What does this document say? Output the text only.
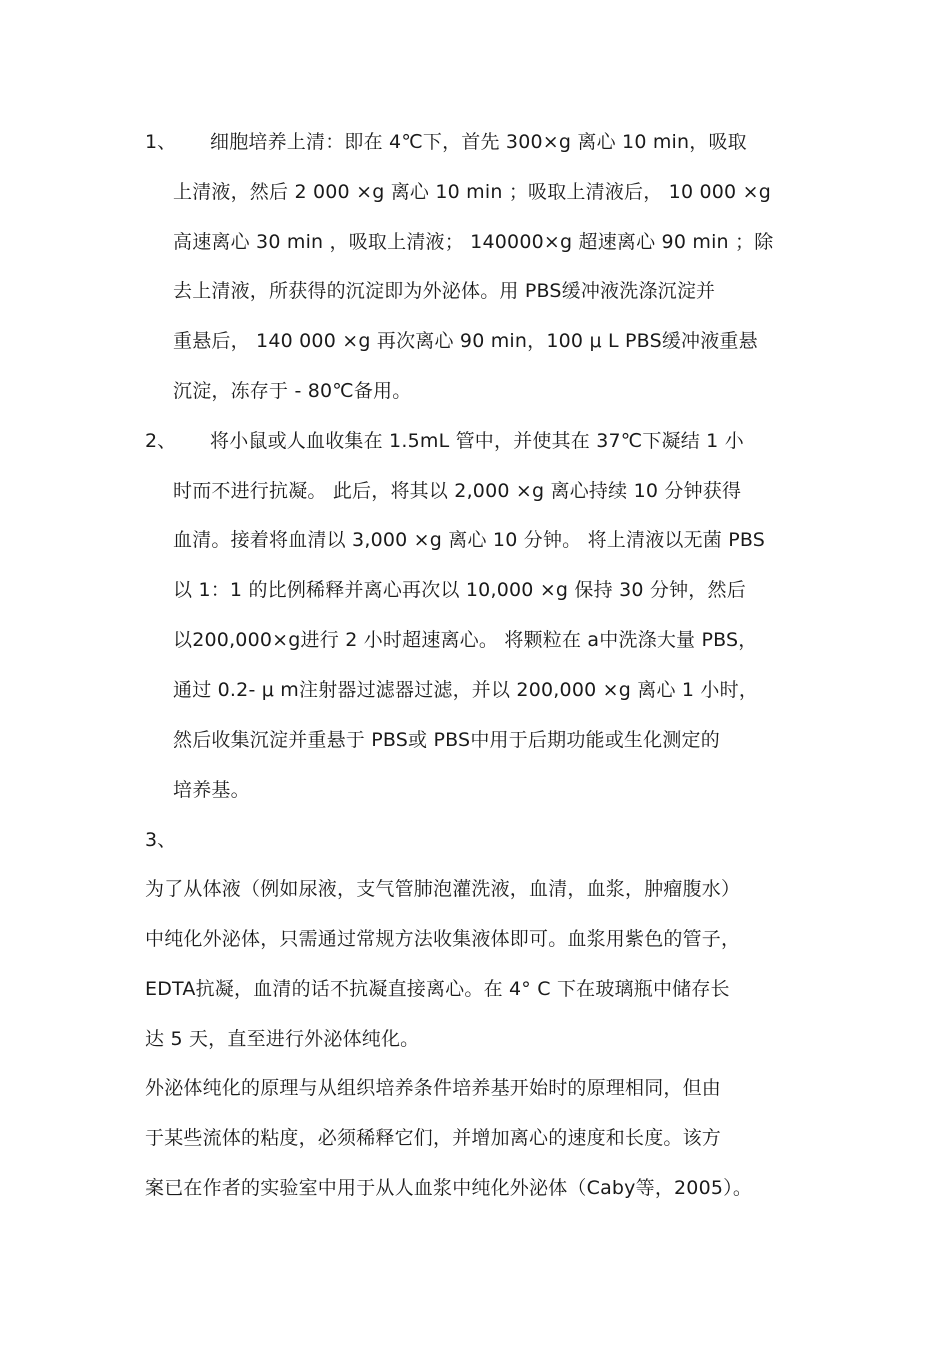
1、 细胞培养上清：即在 4℃下，首先 300×g 离心 10 min，吸取
上清液，然后 2 000 ×g 离心 10 min ；吸取上清液后， 10 000 ×g
高速离心 30 min ，吸取上清液； 140000×g 超速离心 90 min ；除
去上清液，所获得的沉淀即为外泌体。用 PBS缓冲液洗涤沉淀并
重悬后， 140 000 ×g 再次离心 90 min，100 μ L PBS缓冲液重悬
沉淀，冻存于 - 80℃备用。
2、 将小鼠或人血收集在 1.5mL 管中，并使其在 37℃下凝结 1 小
时而不进行抗凝。 此后，将其以 2,000 ×g 离心持续 10 分钟获得
血清。接着将血清以 3,000 ×g 离心 10 分钟。 将上清液以无菌 PBS
以 1：1 的比例稀释并离心再次以 10,000 ×g 保持 30 分钟，然后
以200,000×g进行 2 小时超速离心。 将颗粒在 a中洗涤大量 PBS，
通过 0.2- μ m注射器过滤器过滤，并以 200,000 ×g 离心 1 小时，
然后收集沉淀并重悬于 PBS或 PBS中用于后期功能或生化测定的
培养基。
3、
为了从体液（例如尿液，支气管肺泡灌洗液，血清，血浆，肿瘤腹水）
中纯化外泌体，只需通过常规方法收集液体即可。血浆用紫色的管子，
EDTA抗凝，血清的话不抗凝直接离心。在 4° C 下在玻璃瓶中储存长
达 5 天，直至进行外泌体纯化。
外泌体纯化的原理与从组织培养条件培养基开始时的原理相同，但由
于某些流体的粘度，必须稀释它们，并增加离心的速度和长度。该方
案已在作者的实验室中用于从人血浆中纯化外泌体（Caby等，2005）。
